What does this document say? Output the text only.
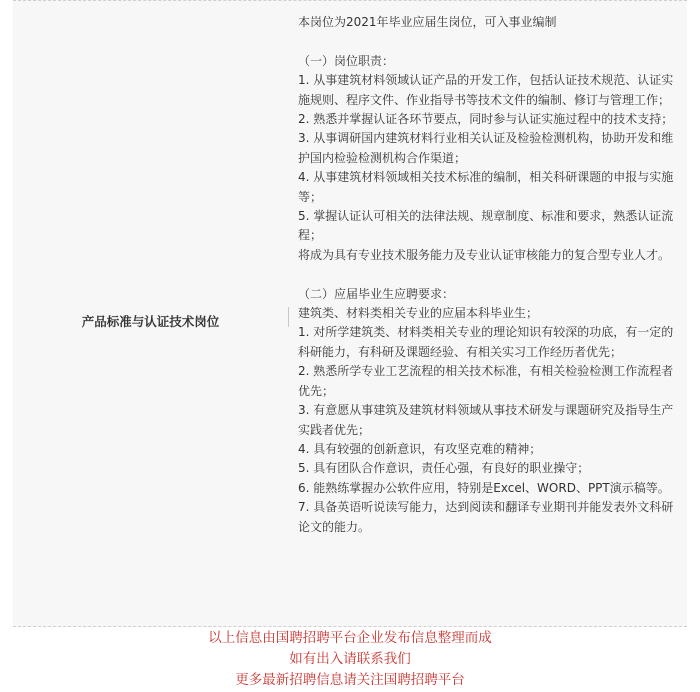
产品标准与认证技术岗位
本岗位为2021年毕业应届生岗位，可入事业编制
（一）岗位职责：
1. 从事建筑材料领域认证产品的开发工作，包括认证技术规范、认证实施规则、程序文件、作业指导书等技术文件的编制、修订与管理工作；
2. 熟悉并掌握认证各环节要点，同时参与认证实施过程中的技术支持；
3. 从事调研国内建筑材料行业相关认证及检验检测机构，协助开发和维护国内检验检测机构合作渠道；
4. 从事建筑材料领域相关技术标准的编制，相关科研课题的申报与实施等；
5. 掌握认证认可相关的法律法规、规章制度、标准和要求，熟悉认证流程；
将成为具有专业技术服务能力及专业认证审核能力的复合型专业人才。
（二）应届毕业生应聘要求：
建筑类、材料类相关专业的应届本科毕业生；
1. 对所学建筑类、材料类相关专业的理论知识有较深的功底，有一定的科研能力，有科研及课题经验、有相关实习工作经历者优先；
2. 熟悉所学专业工艺流程的相关技术标准，有相关检验检测工作流程者优先；
3. 有意愿从事建筑及建筑材料领域从事技术研发与课题研究及指导生产实践者优先；
4. 具有较强的创新意识，有攻坚克难的精神；
5. 具有团队合作意识，责任心强，有良好的职业操守；
6. 能熟练掌握办公软件应用，特别是Excel、WORD、PPT演示稿等。
7. 具备英语听说读写能力，达到阅读和翻译专业期刊并能发表外文科研论文的能力。
以上信息由国聘招聘平台企业发布信息整理而成
如有出入请联系我们
更多最新招聘信息请关注国聘招聘平台
